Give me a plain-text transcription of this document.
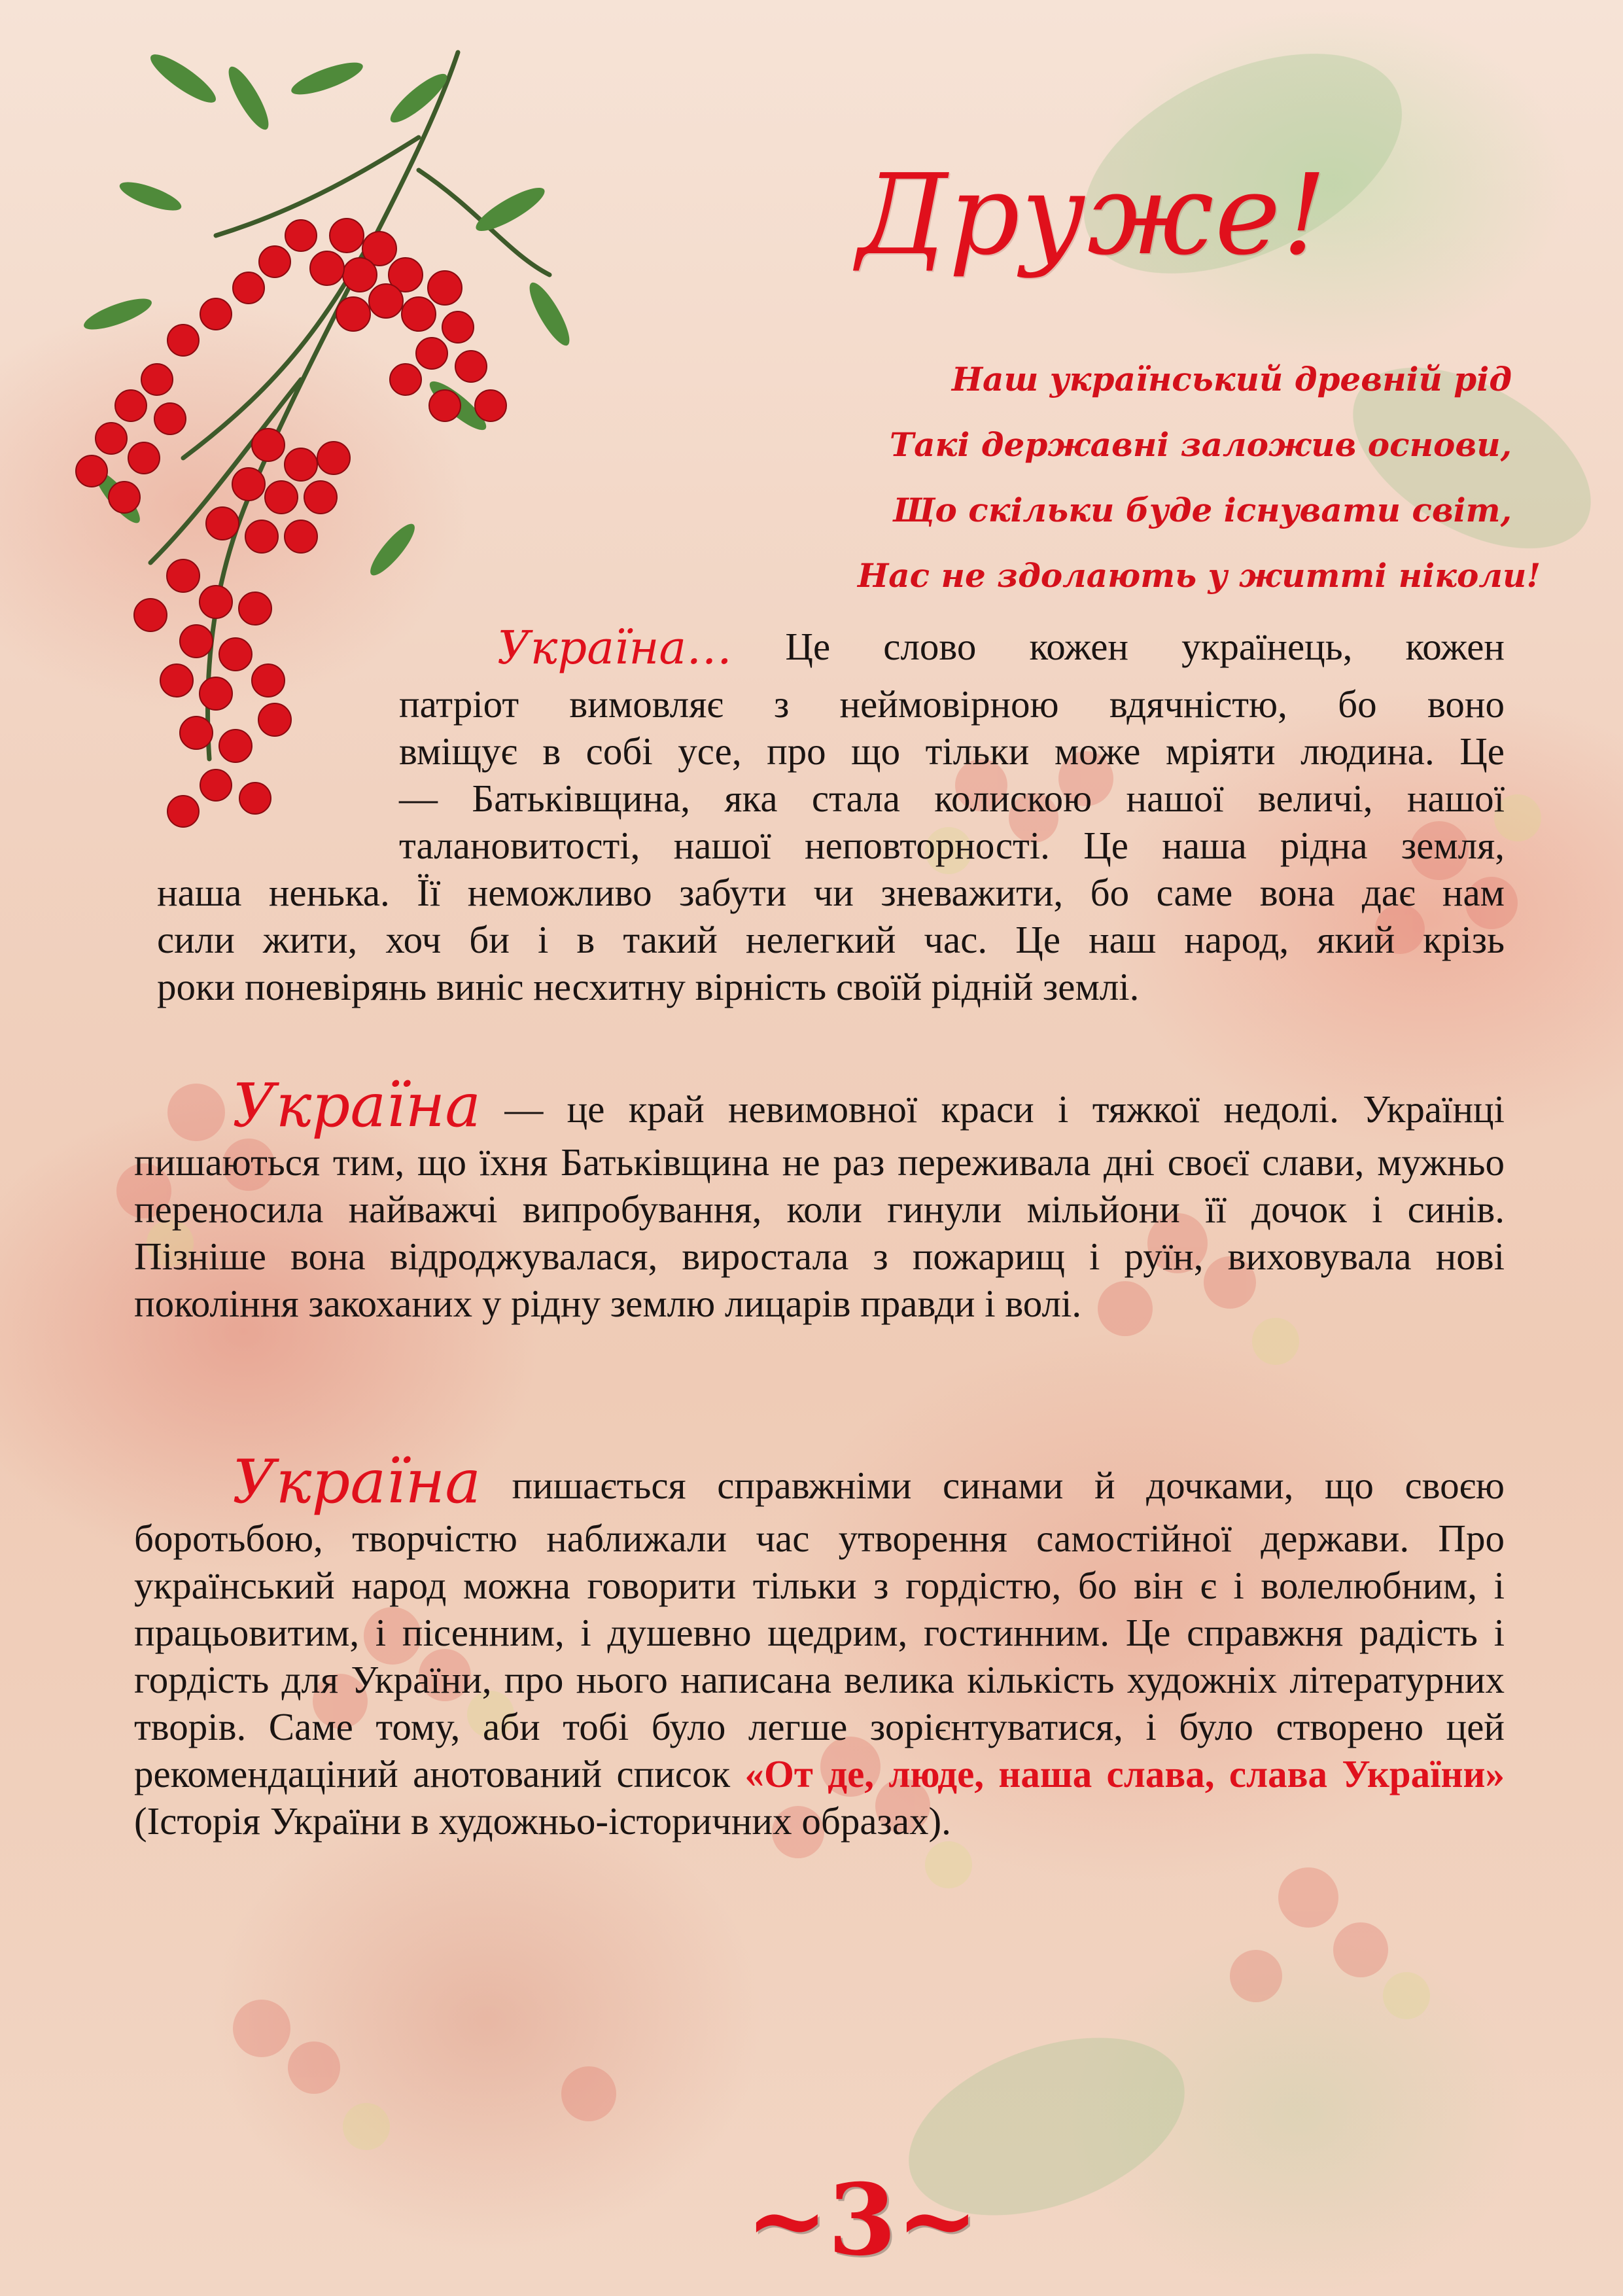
Друже!
Наш український древній рід
Такі державні заложив основи,
Що скільки буде існувати світ,
Нас не здолають у житті ніколи!
Україна… Це слово кожен українець, кожен
патріот вимовляє з неймовірною вдячністю, бо воно
вміщує в собі усе, про що тільки може мріяти людина. Це
— Батьківщина, яка стала колискою нашої величі, нашої
талановитості, нашої неповторності. Це наша рідна земля,
наша ненька. Її неможливо забути чи зневажити, бо саме вона дає нам
сили жити, хоч би і в такий нелегкий час. Це наш народ, який крізь
роки поневірянь виніс несхитну вірність своїй рідній землі.
Україна — це край невимовної краси і тяжкої недолі. Українці
пишаються тим, що їхня Батьківщина не раз переживала дні своєї слави, мужньо переносила найважчі випробування, коли гинули мільйони її дочок і синів. Пізніше вона відроджувалася, виростала з пожарищ і руїн, виховувала нові покоління закоханих у рідну землю лицарів правди і волі.
Україна пишається справжніми синами й дочками, що своєю
боротьбою, творчістю наближали час утворення самостійної держави. Про український народ можна говорити тільки з гордістю, бо він є і волелюбним, і працьовитим, і пісенним, і душевно щедрим, гостинним. Це справжня радість і гордість для України, про нього написана велика кількість художніх літературних творів. Саме тому, аби тобі було легше зорієнтуватися, і було створено цей рекомендаціний анотований список «От де, люде, наша слава, слава України» (Історія України в художньо-історичних образах).
~3~
